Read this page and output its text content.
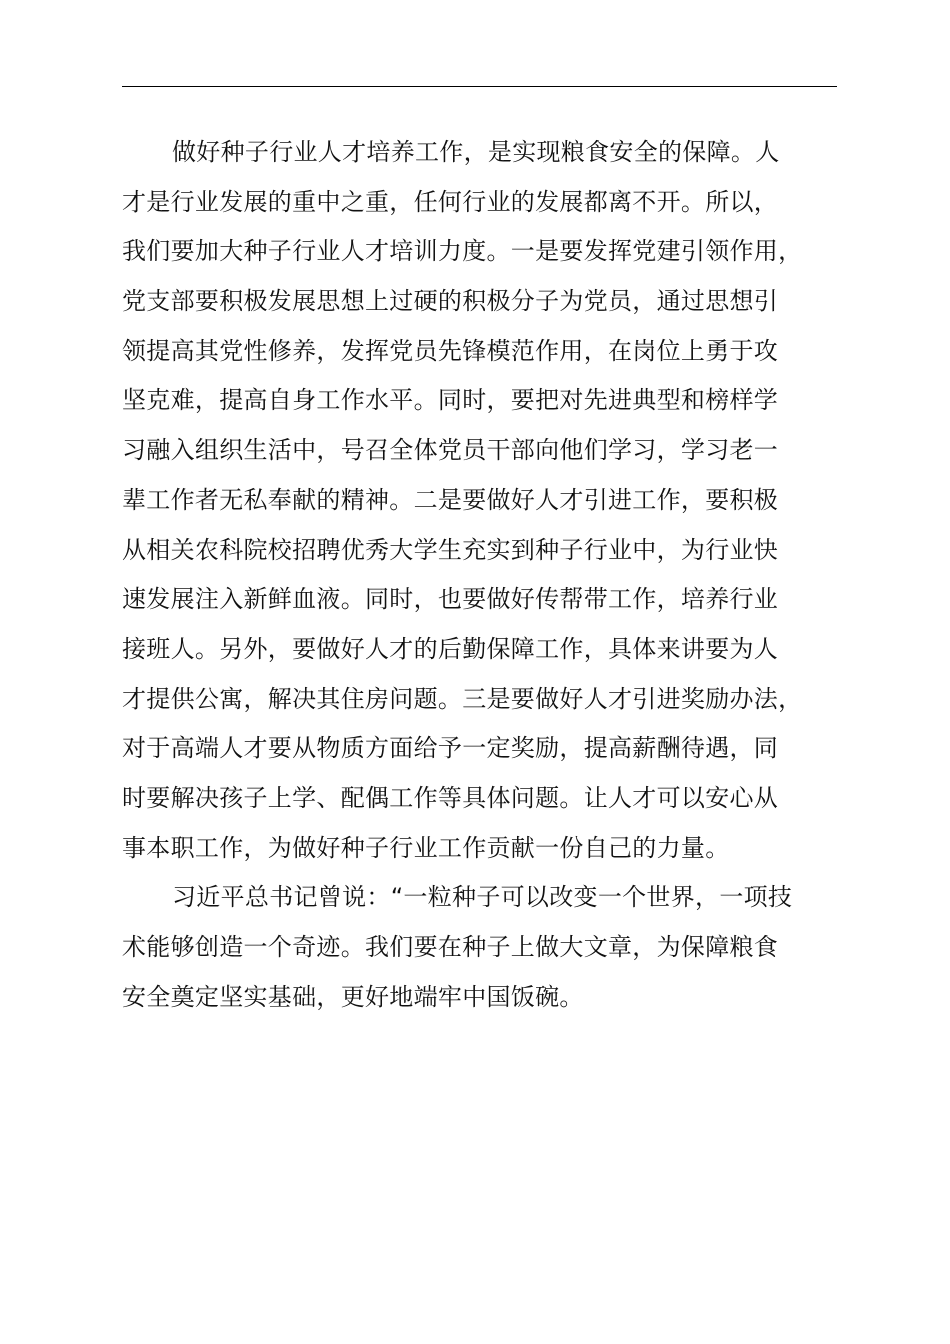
做好种子行业人才培养工作，是实现粮食安全的保障。人
才是行业发展的重中之重，任何行业的发展都离不开。所以，
我们要加大种子行业人才培训力度。一是要发挥党建引领作用，
党支部要积极发展思想上过硬的积极分子为党员，通过思想引
领提高其党性修养，发挥党员先锋模范作用，在岗位上勇于攻
坚克难，提高自身工作水平。同时，要把对先进典型和榜样学
习融入组织生活中，号召全体党员干部向他们学习，学习老一
辈工作者无私奉献的精神。二是要做好人才引进工作，要积极
从相关农科院校招聘优秀大学生充实到种子行业中，为行业快
速发展注入新鲜血液。同时，也要做好传帮带工作，培养行业
接班人。另外，要做好人才的后勤保障工作，具体来讲要为人
才提供公寓，解决其住房问题。三是要做好人才引进奖励办法，
对于高端人才要从物质方面给予一定奖励，提高薪酬待遇，同
时要解决孩子上学、配偶工作等具体问题。让人才可以安心从
事本职工作，为做好种子行业工作贡献一份自己的力量。
习近平总书记曾说：“一粒种子可以改变一个世界，一项技
术能够创造一个奇迹。我们要在种子上做大文章，为保障粮食
安全奠定坚实基础，更好地端牢中国饭碗。
